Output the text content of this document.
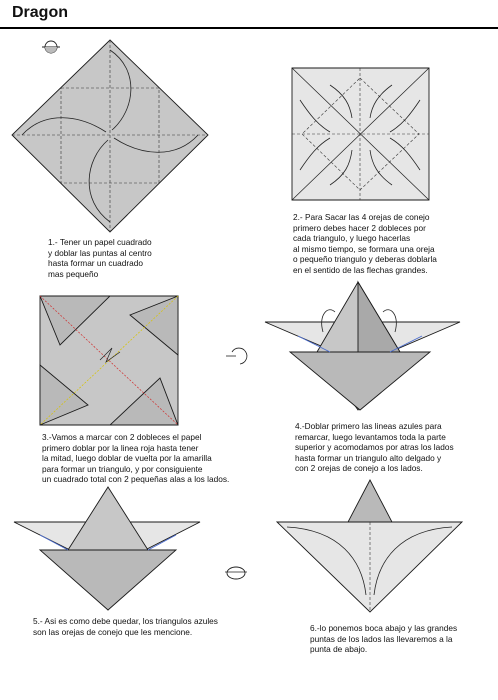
Dragon
1.- Tener un papel cuadrado
y doblar las puntas al centro
hasta formar un cuadrado
mas pequeño
2.- Para Sacar las 4 orejas de conejo
primero debes hacer 2 dobleces por
cada triangulo, y luego hacerlas
al mismo tiempo, se formara una oreja
o pequeño triangulo y deberas doblarla
en el sentido de las flechas grandes.
3.-Vamos a marcar con 2 dobleces el papel
primero doblar por la linea roja hasta tener
la mitad, luego doblar de vuelta por la amarilla
para formar un triangulo, y por consiguiente
un cuadrado total con 2 pequeñas alas a los lados.
4.-Doblar primero las lineas azules para
remarcar, luego levantamos toda la parte
superior y acomodamos por atras los lados
hasta formar un triangulo alto delgado y
con 2 orejas de conejo a los lados.
5.- Asi es como debe quedar, los triangulos azules
son las orejas de conejo que les mencione.	6.-lo ponemos boca abajo y las grandes
puntas de los lados las llevaremos a la
punta de abajo.
